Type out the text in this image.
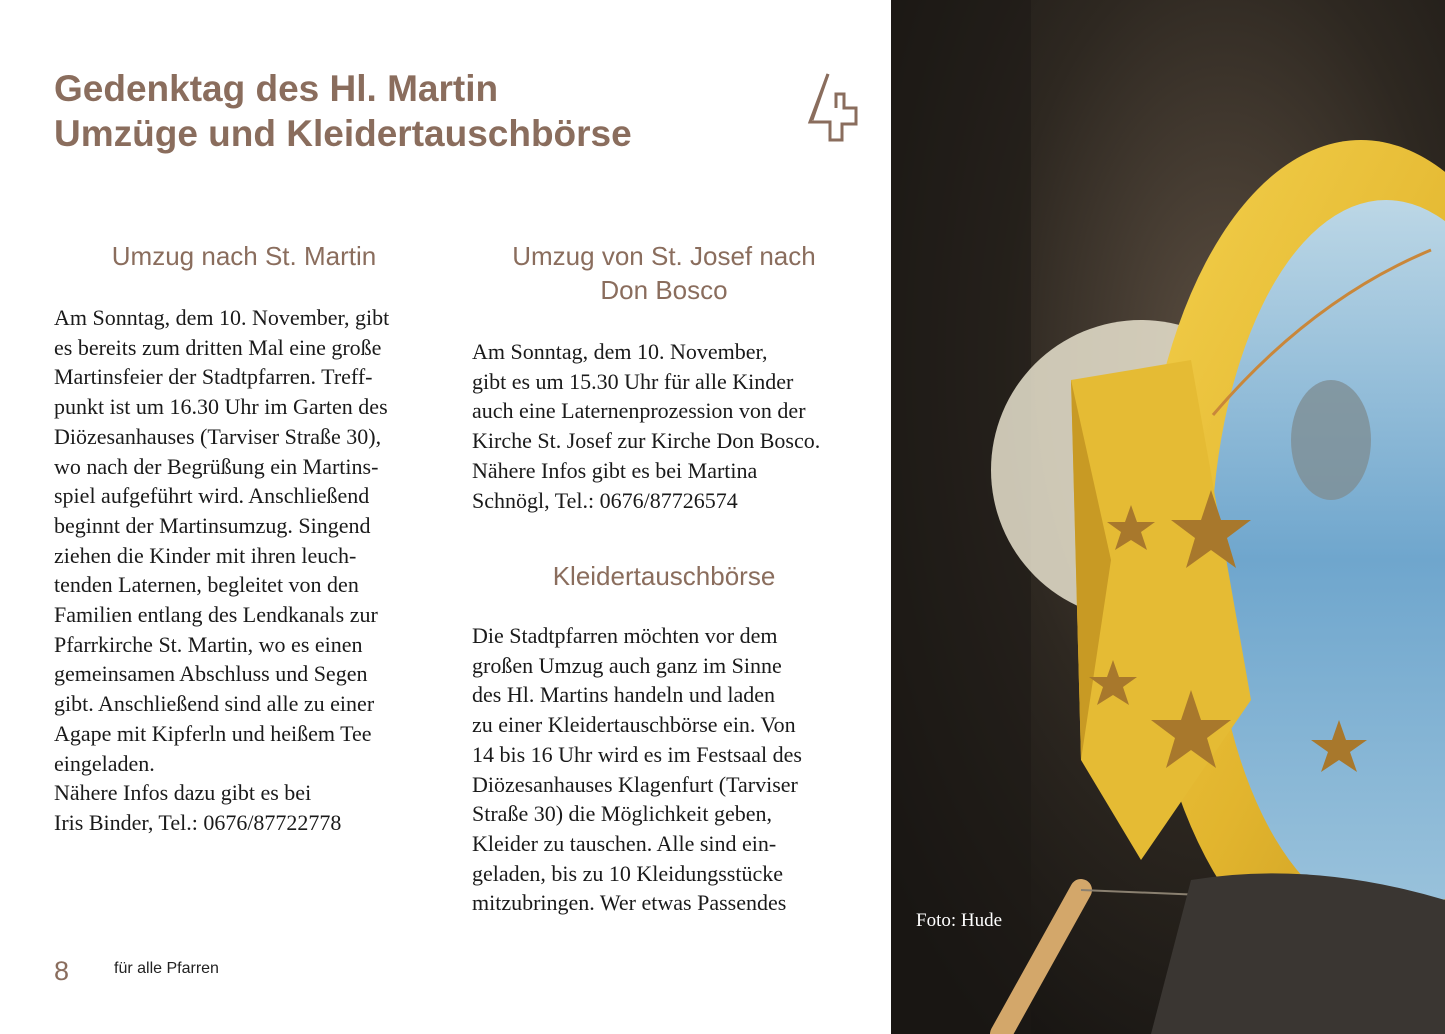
Gedenktag des Hl. Martin
Umzüge und Kleidertauschbörse
Umzug nach St. Martin
Am Sonntag, dem 10. November, gibt
es bereits zum dritten Mal eine große
Martinsfeier der Stadtpfarren. Treff-
punkt ist um 16.30 Uhr im Garten des
Diözesanhauses (Tarviser Straße 30),
wo nach der Begrüßung ein Martins-
spiel aufgeführt wird. Anschließend
beginnt der Martinsumzug. Singend
ziehen die Kinder mit ihren leuch-
tenden Laternen, begleitet von den
Familien entlang des Lendkanals zur
Pfarrkirche St. Martin, wo es einen
gemeinsamen Abschluss und Segen
gibt. Anschließend sind alle zu einer
Agape mit Kipferln und heißem Tee
eingeladen.
Nähere Infos dazu gibt es bei
Iris Binder, Tel.: 0676/87722778
Umzug von St. Josef nach
Don Bosco
Am Sonntag, dem 10. November,
gibt es um 15.30 Uhr für alle Kinder
auch eine Laternenprozession von der
Kirche St. Josef zur Kirche Don Bosco.
Nähere Infos gibt es bei Martina
Schnögl, Tel.: 0676/87726574
Kleidertauschbörse
Die Stadtpfarren möchten vor dem
großen Umzug auch ganz im Sinne
des Hl. Martins handeln und laden
zu einer Kleidertauschbörse ein. Von
14 bis 16 Uhr wird es im Festsaal des
Diözesanhauses Klagenfurt (Tarviser
Straße 30) die Möglichkeit geben,
Kleider zu tauschen. Alle sind ein-
geladen, bis zu 10 Kleidungsstücke
mitzubringen. Wer etwas Passendes

8	für alle Pfarren

Foto: Hude
